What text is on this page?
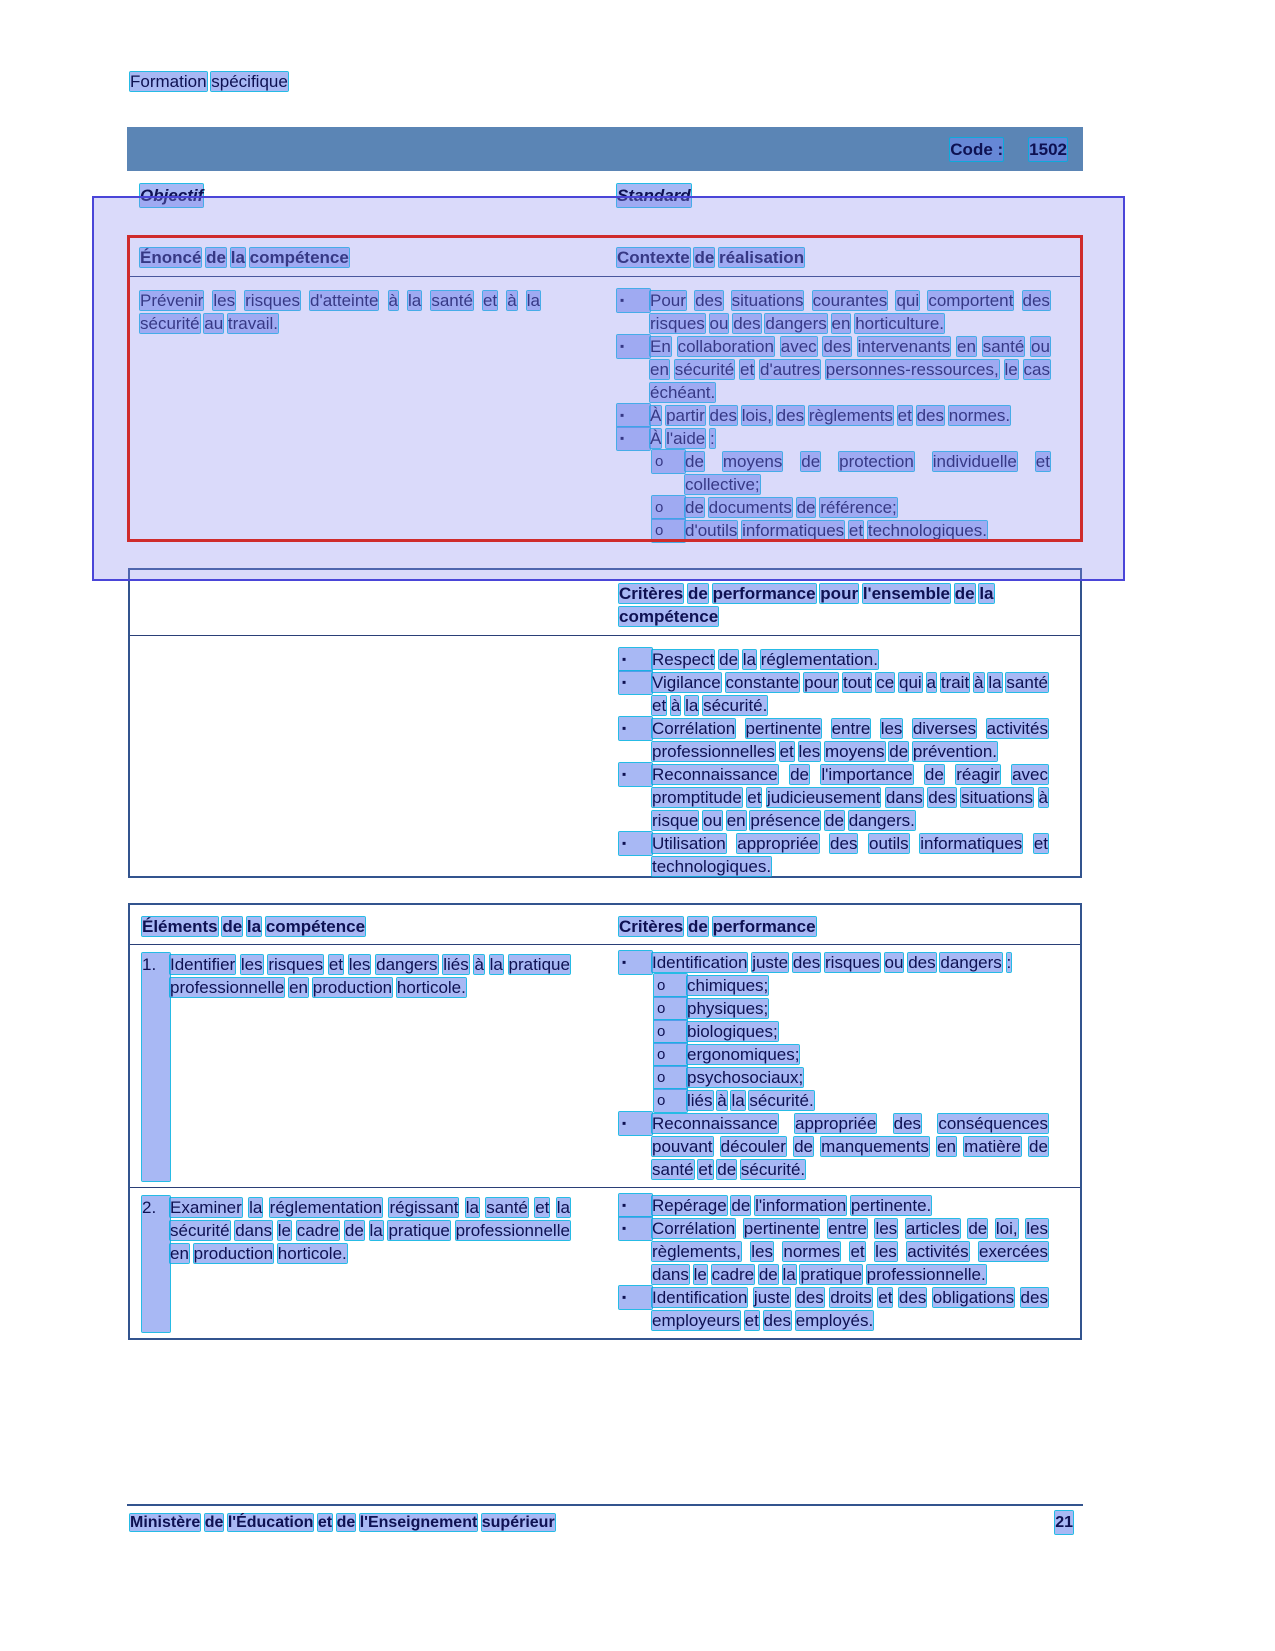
Formation spécifique
Code : 1502
Objectif	Standard
Énoncé de la compétence	Contexte de réalisation
Prévenir les risques d'atteinte à la santé et à la sécurité au travail.
▪	Pour des situations courantes qui comportent des risques ou des dangers en horticulture.
▪	En collaboration avec des intervenants en santé ou en sécurité et d'autres personnes-ressources, le cas échéant.
▪	À partir des lois, des règlements et des normes.
▪	À l'aide :
o	de moyens de protection individuelle et collective;
o	de documents de référence;
o	d'outils informatiques et technologiques.
Critères de performance pour l'ensemble de la compétence
▪	Respect de la réglementation.
▪	Vigilance constante pour tout ce qui a trait à la santé et à la sécurité.
▪	Corrélation pertinente entre les diverses activités professionnelles et les moyens de prévention.
▪	Reconnaissance de l'importance de réagir avec promptitude et judicieusement dans des situations à risque ou en présence de dangers.
▪	Utilisation appropriée des outils informatiques et technologiques.
Éléments de la compétence	Critères de performance
1. Identifier les risques et les dangers liés à la pratique professionnelle en production horticole.
▪	Identification juste des risques ou des dangers :
o	chimiques;
o	physiques;
o	biologiques;
o	ergonomiques;
o	psychosociaux;
o	liés à la sécurité.
▪	Reconnaissance appropriée des conséquences pouvant découler de manquements en matière de santé et de sécurité.
2. Examiner la réglementation régissant la santé et la sécurité dans le cadre de la pratique professionnelle en production horticole.
▪	Repérage de l'information pertinente.
▪	Corrélation pertinente entre les articles de loi, les règlements, les normes et les activités exercées dans le cadre de la pratique professionnelle.
▪	Identification juste des droits et des obligations des employeurs et des employés.
Ministère de l'Éducation et de l'Enseignement supérieur	21
